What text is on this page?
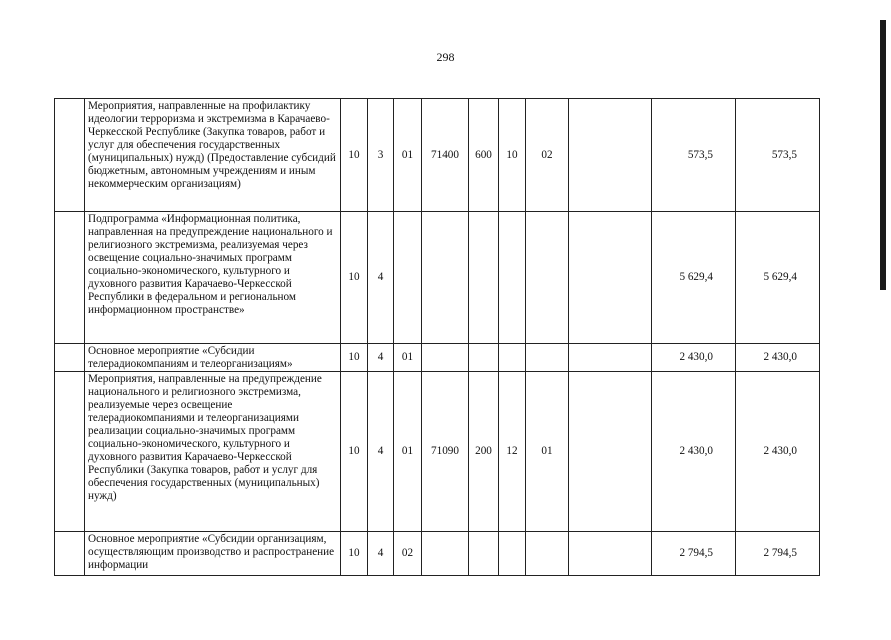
298
	Мероприятия, направленные на профилактику идеологии терроризма и экстремизма в Карачаево-Черкесской Республике (Закупка товаров, работ и услуг для обеспечения государственных (муниципальных) нужд) (Предоставление субсидий бюджетным, автономным учреждениям и иным некоммерческим организациям)	10	3	01	71400	600	10	02		573,5	573,5	
	Подпрограмма «Информационная политика, направленная на предупреждение национального и религиозного экстремизма, реализуемая через освещение социально-значимых программ социально-экономического, культурного и духовного развития Карачаево-Черкесской Республики в федеральном и региональном информационном пространстве»	10	4							5 629,4	5 629,4	
	Основное мероприятие «Субсидии телерадиокомпаниям и телеорганизациям»	10	4	01						2 430,0	2 430,0	
	Мероприятия, направленные на предупреждение национального и религиозного экстремизма, реализуемые через освещение телерадиокомпаниями и телеорганизациями реализации социально-значимых программ социально-экономического, культурного и духовного развития Карачаево-Черкесской Республики (Закупка товаров, работ и услуг для обеспечения государственных (муниципальных) нужд)	10	4	01	71090	200	12	01		2 430,0	2 430,0	
	Основное мероприятие «Субсидии организациям, осуществляющим производство и распространение информации	10	4	02						2 794,5	2 794,5	
